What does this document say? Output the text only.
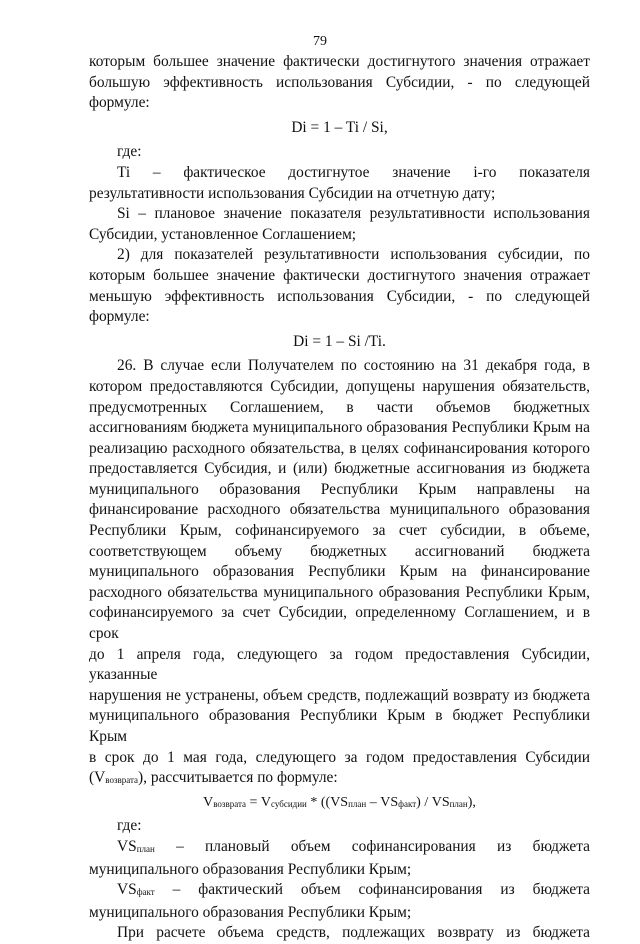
79

которым большее значение фактически достигнутого значения отражает

большую эффективность использования Субсидии, - по следующей

формуле:

Di = 1 – Ti / Si,

где:

Ti – фактическое достигнутое значение i-го показателя

результативности использования Субсидии на отчетную дату;

Si – плановое значение показателя результативности использования

Субсидии, установленное Соглашением;

2) для показателей результативности использования субсидии, по

которым большее значение фактически достигнутого значения отражает

меньшую эффективность использования Субсидии, - по следующей

формуле:

Di = 1 – Si /Ti.

26. В случае если Получателем по состоянию на 31 декабря года, в

котором предоставляются Субсидии, допущены нарушения обязательств,

предусмотренных Соглашением, в части объемов бюджетных

ассигнованиям бюджета муниципального образования Республики Крым на

реализацию расходного обязательства, в целях софинансирования которого

предоставляется Субсидия, и (или) бюджетные ассигнования из бюджета

муниципального образования Республики Крым направлены на

финансирование расходного обязательства муниципального образования

Республики Крым, софинансируемого за счет субсидии, в объеме,

соответствующем объему бюджетных ассигнований бюджета

муниципального образования Республики Крым на финансирование

расходного обязательства муниципального образования Республики Крым,

софинансируемого за счет Субсидии, определенному Соглашением, и в срок

до 1 апреля года, следующего за годом предоставления Субсидии, указанные

нарушения не устранены, объем средств, подлежащий возврату из бюджета

муниципального образования Республики Крым в бюджет Республики Крым

в срок до 1 мая года, следующего за годом предоставления Субсидии

(Vвозврата), рассчитывается по формуле:

Vвозврата = Vсубсидии * ((VSплан – VSфакт) / VSплан),

где:

VSплан – плановый объем софинансирования из бюджета

муниципального образования Республики Крым;

VSфакт – фактический объем софинансирования из бюджета

муниципального образования Республики Крым;

При расчете объема средств, подлежащих возврату из бюджета
